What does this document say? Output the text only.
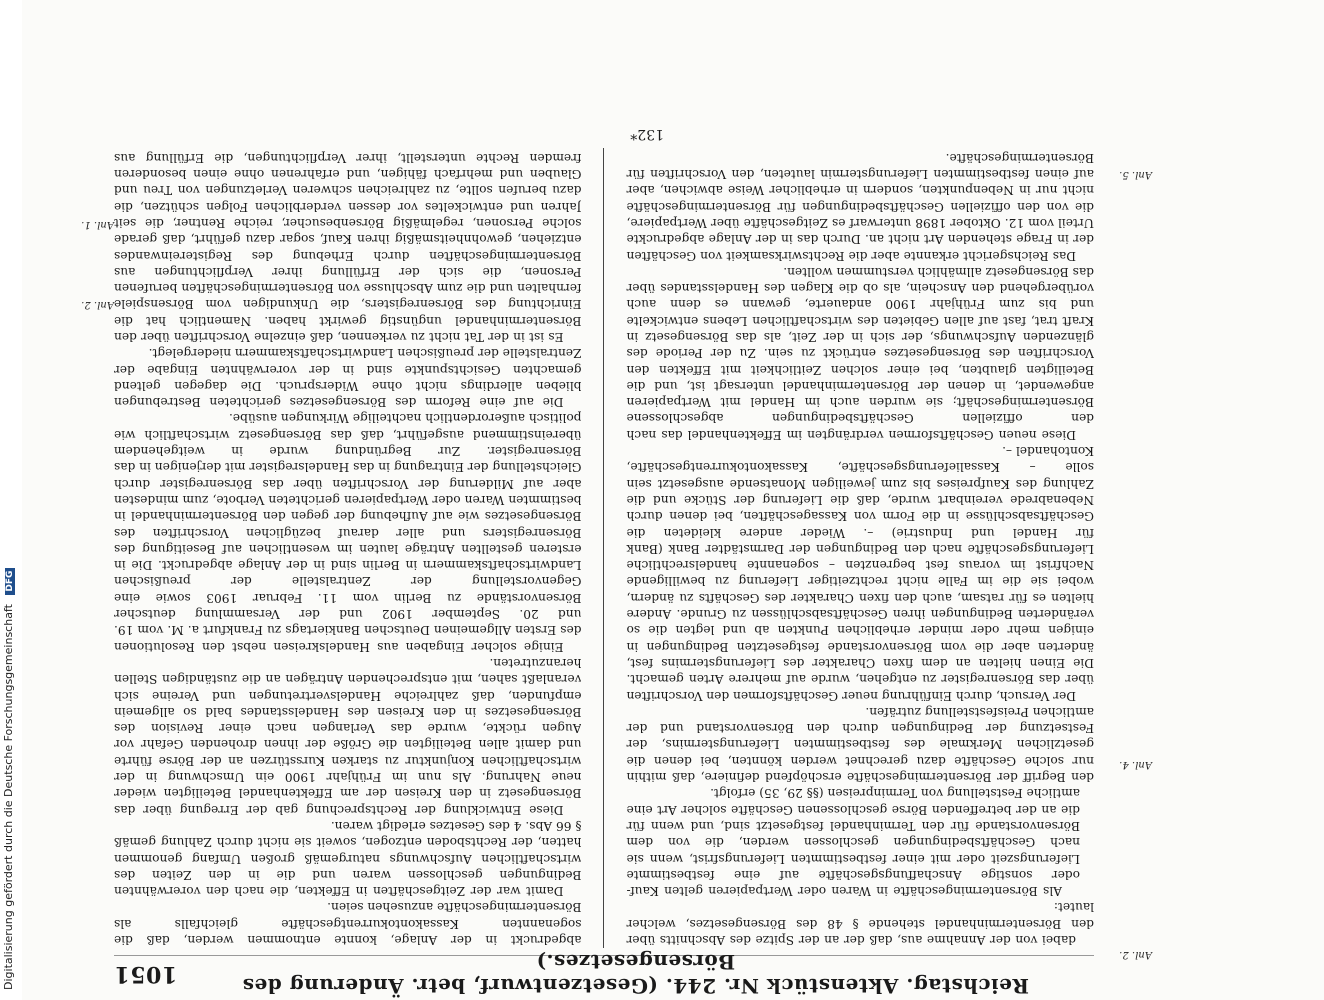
Reichstag. Aktenstück Nr. 244. (Gesetzentwurf, betr. Änderung des Börsengesetzes.)
1051

dabei von der Annahme aus, daß der an der Spitze des Abschnitts über den Börsenterminhandel stehende § 48 des Börsengesetzes, welcher lautet:

Als Börsentermingeschäfte in Waren oder Wertpapieren gelten Kauf- oder sonstige Anschaffungsgeschäfte auf eine festbestimmte Lieferungszeit oder mit einer festbestimmten Lieferungsfrist, wenn sie nach Geschäftsbedingungen geschlossen werden, die von dem Börsenvorstande für den Terminhandel festgesetzt sind, und wenn für die an der betreffenden Börse geschlossenen Geschäfte solcher Art eine amtliche Feststellung von Terminpreisen (§§ 29, 35) erfolgt.

den Begriff der Börsentermingeschäfte erschöpfend definiere, daß mithin nur solche Geschäfte dazu gerechnet werden könnten, bei denen die gesetzlichen Merkmale des festbestimmten Lieferungstermins, der Festsetzung der Bedingungen durch den Börsenvorstand und der amtlichen Preisfeststellung zuträfen.

Der Versuch, durch Einführung neuer Geschäftsformen den Vorschriften über das Börsenregister zu entgehen, wurde auf mehrere Arten gemacht. Die Einen hielten an dem fixen Charakter des Lieferungstermins fest, änderten aber die vom Börsenvorstande festgesetzten Bedingungen in einigen mehr oder minder erheblichen Punkten ab und legten die so veränderten Bedingungen ihren Geschäftsabschlüssen zu Grunde. Andere hielten es für ratsam, auch den fixen Charakter des Geschäfts zu ändern, wobei sie die im Falle nicht rechtzeitiger Lieferung zu bewilligende Nachfrist im voraus fest begrenzten – sogenannte handelsrechtliche Lieferungsgeschäfte nach den Bedingungen der Darmstädter Bank (Bank für Handel und Industrie) –. Wieder andere kleideten die Geschäftsabschlüsse in die Form von Kassageschäften, bei denen durch Nebenabrede vereinbart wurde, daß die Lieferung der Stücke und die Zahlung des Kaufpreises bis zum jeweiligen Monatsende ausgesetzt sein solle – Kassalieferungsgeschäfte, Kassakontokurrentgeschäfte, Kontohandel –.

Diese neuen Geschäftsformen verdrängten im Effektenhandel das nach den offiziellen Geschäftsbedingungen abgeschlossene Börsentermingeschäft; sie wurden auch im Handel mit Wertpapieren angewendet, in denen der Börsenterminhandel untersagt ist, und die Beteiligten glaubten, bei einer solchen Zeitlichkeit mit Effekten den Vorschriften des Börsengesetzes entrückt zu sein. Zu der Periode des glänzenden Aufschwungs, der sich in der Zeit, als das Börsengesetz in Kraft trat, fast auf allen Gebieten des wirtschaftlichen Lebens entwickelte und bis zum Frühjahr 1900 andauerte, gewann es denn auch vorübergehend den Anschein, als ob die Klagen des Handelsstandes über das Börsengesetz allmählich verstummen wollten.

Das Reichsgericht erkannte aber die Rechtswirksamkeit von Geschäften der in Frage stehenden Art nicht an. Durch das in der Anlage abgedruckte Urteil vom 12. Oktober 1898 unterwarf es Zeitgeschäfte über Wertpapiere, die von den offiziellen Geschäftsbedingungen für Börsentermingeschäfte nicht nur in Nebenpunkten, sondern in erheblicher Weise abwichen, aber auf einen festbestimmten Lieferungstermin lauteten, den Vorschriften für Börsentermingeschäfte.

abgedruckt in der Anlage, konnte entnommen werden, daß die sogenannten Kassakontokurrentgeschäfte gleichfalls als Börsentermingeschäfte anzusehen seien.

Damit war der Zeitgeschäften in Effekten, die nach den vorerwähnten Bedingungen geschlossen waren und die in den Zeiten des wirtschaftlichen Aufschwungs naturgemäß großen Umfang genommen hatten, der Rechtsboden entzogen, soweit sie nicht durch Zahlung gemäß § 66 Abs. 4 des Gesetzes erledigt waren.

Diese Entwicklung der Rechtsprechung gab der Erregung über das Börsengesetz in den Kreisen der am Effektenhandel Beteiligten wieder neue Nahrung. Als nun im Frühjahr 1900 ein Umschwung in der wirtschaftlichen Konjunktur zu starken Kursstürzen an der Börse führte und damit allen Beteiligten die Größe der ihnen drohenden Gefahr vor Augen rückte, wurde das Verlangen nach einer Revision des Börsengesetzes in den Kreisen des Handelsstandes bald so allgemein empfunden, daß zahlreiche Handelsvertretungen und Vereine sich veranlaßt sahen, mit entsprechenden Anträgen an die zuständigen Stellen heranzutreten.

Einige solcher Eingaben aus Handelskreisen nebst den Resolutionen des Ersten Allgemeinen Deutschen Bankiertags zu Frankfurt a. M. vom 19. und 20. September 1902 und der Versammlung deutscher Börsenvorstände zu Berlin vom 11. Februar 1903 sowie eine Gegenvorstellung der Zentralstelle der preußischen Landwirtschaftskammern in Berlin sind in der Anlage abgedruckt. Die in ersteren gestellten Anträge lauten im wesentlichen auf Beseitigung des Börsenregisters und aller darauf bezüglichen Vorschriften des Börsengesetzes wie auf Aufhebung der gegen den Börsenterminhandel in bestimmten Waren oder Wertpapieren gerichteten Verbote, zum mindesten aber auf Milderung der Vorschriften über das Börsenregister durch Gleichstellung der Eintragung in das Handelsregister mit derjenigen in das Börsenregister. Zur Begründung wurde in weitgehendem übereinstimmend ausgeführt, daß das Börsengesetz wirtschaftlich wie politisch außerordentlich nachteilige Wirkungen ausübe.

Die auf eine Reform des Börsengesetzes gerichteten Bestrebungen blieben allerdings nicht ohne Widerspruch. Die dagegen geltend gemachten Gesichtspunkte sind in der vorerwähnten Eingabe der Zentralstelle der preußischen Landwirtschaftskammern niedergelegt.

Es ist in der Tat nicht zu verkennen, daß einzelne Vorschriften über den Börsenterminhandel ungünstig gewirkt haben. Namentlich hat die Einrichtung des Börsenregisters, die Unkundigen vom Börsenspiele fernhalten und die zum Abschlusse von Börsentermingeschäften berufenen Personen, die sich der Erfüllung ihrer Verpflichtungen aus Börsentermingeschäften durch Erhebung des Registereinwandes entziehen, gewohnheitsmäßig ihren Kauf, sogar dazu geführt, daß gerade solche Personen, regelmäßig Börsenbesucher, reiche Rentner, die seit Jahren und entwickeltes vor dessen verderblichen Folgen schützen, die dazu berufen sollte, zu zahlreichen schweren Verletzungen von Treu und Glauben und mehrfach fähigen, und erfahrenen ohne einen besonderen fremden Rechte unterstellt, ihrer Verpflichtungen, die Erfüllung aus

Anl. 2.
Anl. 1.
Anl. 2.
Anl. 4.
Anl. 5.
132*
Digitalisierung gefördert durch die Deutsche Forschungsgemeinschaft DFG
